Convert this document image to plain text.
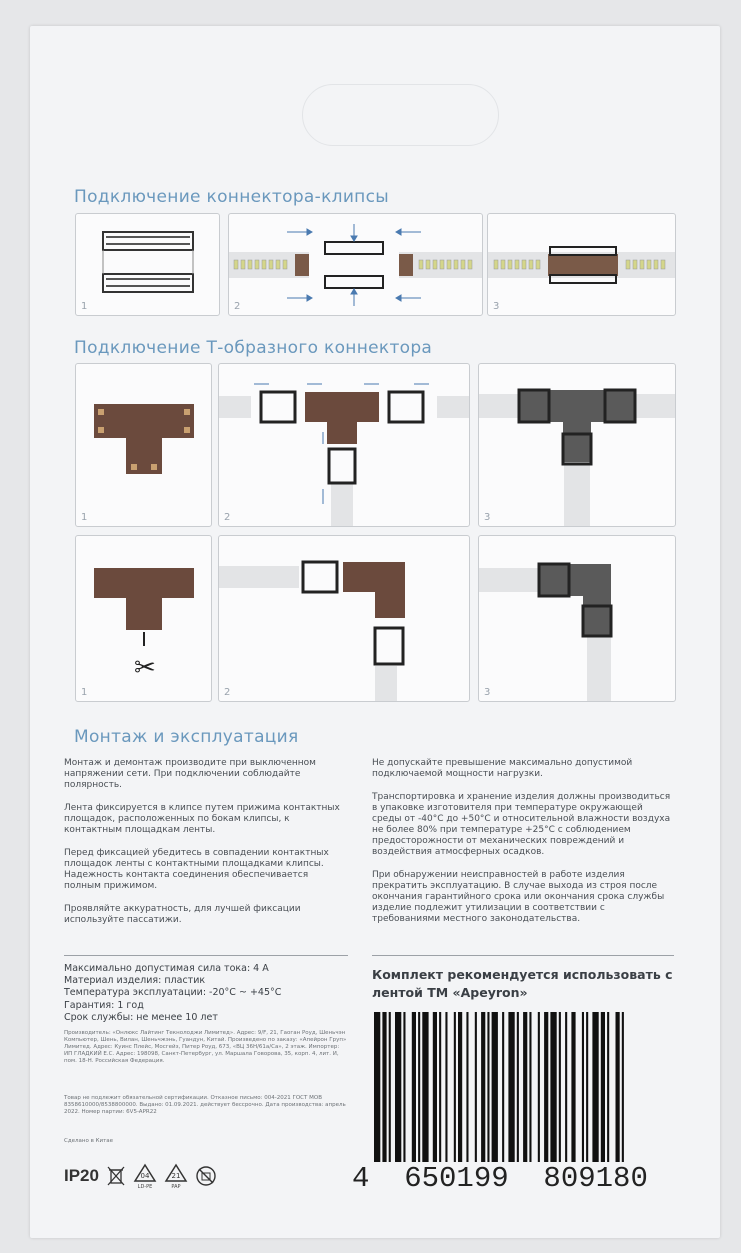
Подключение коннектора-клипсы
1	2	3
Подключение Т-образного коннектора
1	2	3
✂
1	2	3
Монтаж и эксплуатация

Монтаж и демонтаж производите при выключенном напряжении сети. При подключении соблюдайте полярность.

Лента фиксируется в клипсе путем прижима контактных площадок, расположенных по бокам клипсы, к контактным площадкам ленты.

Перед фиксацией убедитесь в совпадении контактных площадок ленты с контактными площадками клипсы. Надежность контакта соединения обеспечивается полным прижимом.

Проявляйте аккуратность, для лучшей фиксации используйте пассатижи.

Не допускайте превышение максимально допустимой подключаемой мощности нагрузки.

Транспортировка и хранение изделия должны производиться в упаковке изготовителя при температуре окружающей среды от -40°C до +50°C и относительной влажности воздуха не более 80% при температуре +25°C с соблюдением предосторожности от механических повреждений и воздействия атмосферных осадков.

При обнаружении неисправностей в работе изделия прекратить эксплуатацию. В случае выхода из строя после окончания гарантийного срока или окончания срока службы изделие подлежит утилизации в соответствии с требованиями местного законодательства.

Максимально допустимая сила тока: 4 А
Материал изделия: пластик
Температура эксплуатации: -20°С ~ +45°С
Гарантия: 1 год
Срок службы: не менее 10 лет
Производитель: «Онлюкс Лайтинг Текнолоджи Лимитед». Адрес: 9/F, 21, Гаоган Роуд, Шеньчэн Компьютер, Шень, Вилан, Шеньчжэнь, Гуандун, Китай. Произведено по заказу: «Апейрон Груп» Лимитед. Адрес: Куинс Плейс, Мосгейз, Питер Роуд, 673, «ВЦ 36Н/61а/Са», 2 этаж. Импортер: ИП ГЛАДКИЙ Е.С. Адрес: 198098, Санкт-Петербург, ул. Маршала Говорова, 35, корп. 4, лит. И, пом. 18-Н. Российская Федерация.
Товар не подлежит обязательной сертификации. Отказное письмо: 004-2021 ГОСТ МОВ 8358610000/8538800000. Выдано: 01.09.2021. действует бессрочно. Дата производства: апрель 2022. Номер партии: 6V5-APR22
Сделано в Китае
IP20	04
LD-PE
21
PAP
Комплект рекомендуется использовать с лентой ТМ «Apeyron»
4  650199  809180
